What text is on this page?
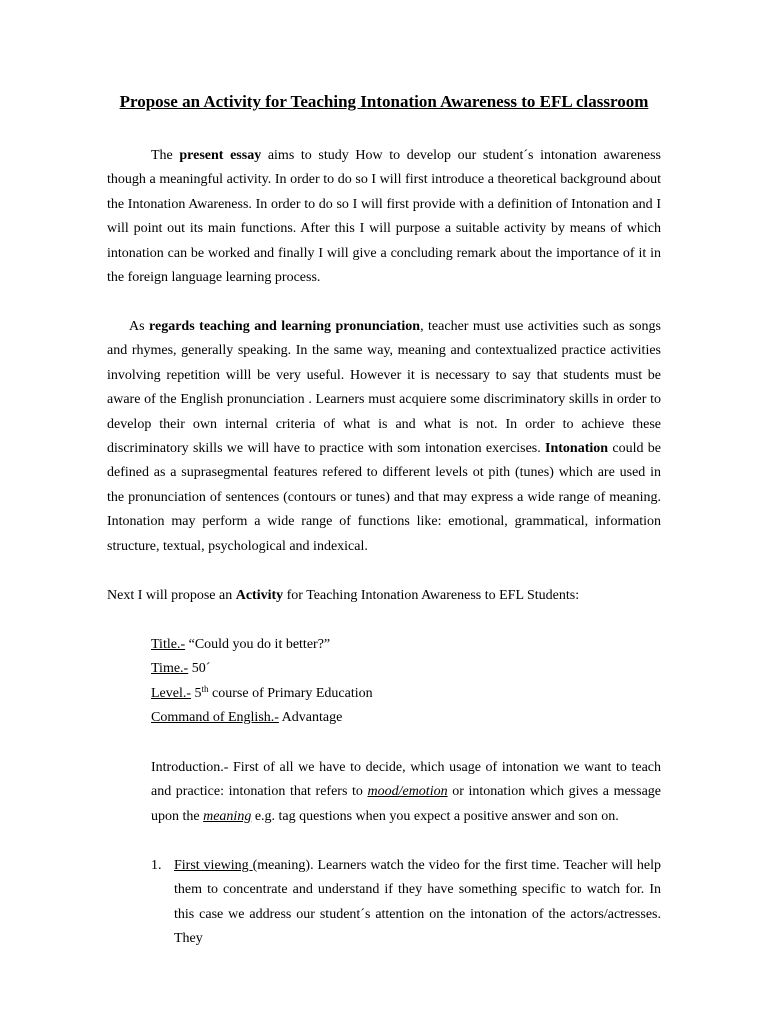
Propose an Activity for Teaching Intonation Awareness to EFL classroom

The present essay aims to study How to develop our student´s intonation awareness though a meaningful activity. In order to do so I will first introduce a theoretical background about the Intonation Awareness. In order to do so I will first provide with a definition of Intonation and I will point out its main functions. After this I will purpose a suitable activity by means of which intonation can be worked and finally I will give a concluding remark about the importance of it in the foreign language learning process.

As regards teaching and learning pronunciation, teacher must use activities such as songs and rhymes, generally speaking. In the same way, meaning and contextualized practice activities involving repetition willl be very useful. However it is necessary to say that students must be aware of the English pronunciation . Learners must acquiere some discriminatory skills in order to develop their own internal criteria of what is and what is not. In order to achieve these discriminatory skills we will have to practice with som intonation exercises. Intonation could be defined as a suprasegmental features refered to different levels ot pith (tunes) which are used in the pronunciation of sentences (contours or tunes) and that may express a wide range of meaning. Intonation may perform a wide range of functions like: emotional, grammatical, information structure, textual, psychological and indexical.

Next I will propose an Activity for Teaching Intonation Awareness to EFL Students:

Title.- “Could you do it better?”

Time.- 50´

Level.- 5th course of Primary Education

Command of English.- Advantage

Introduction.- First of all we have to decide, which usage of intonation we want to teach and practice: intonation that refers to mood/emotion or intonation which gives a message upon the meaning e.g. tag questions when you expect a positive answer and son on.

1. First viewing (meaning). Learners watch the video for the first time. Teacher will help them to concentrate and understand if they have something specific to watch for. In this case we address our student´s attention on the intonation of the actors/actresses. They
